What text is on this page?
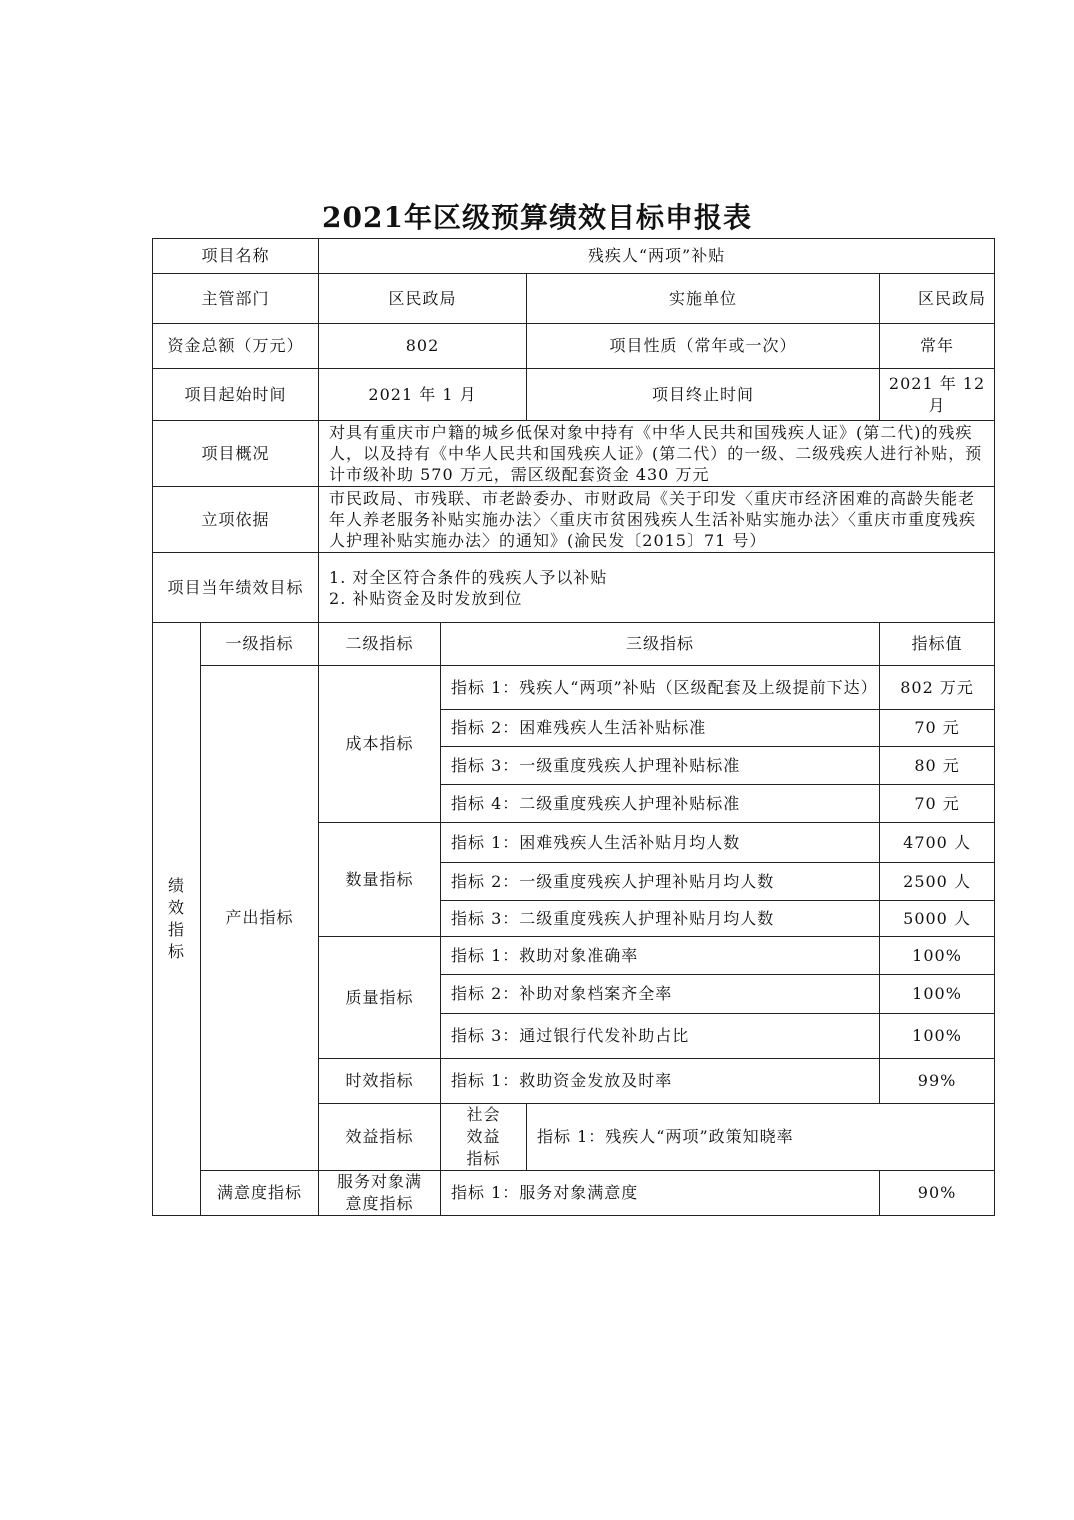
2021年区级预算绩效目标申报表
项目名称		残疾人“两项”补贴				
主管部门		区民政局		实施单位	区民政局	
资金总额（万元）		802		项目性质（常年或一次）	常年	
项目起始时间		2021 年 1 月		项目终止时间	2021 年 12 月	
项目概况		对具有重庆市户籍的城乡低保对象中持有《中华人民共和国残疾人证》(第二代)的残疾人，以及持有《中华人民共和国残疾人证》(第二代）的一级、二级残疾人进行补贴，预计市级补助 570 万元，需区级配套资金 430 万元				
立项依据		市民政局、市残联、市老龄委办、市财政局《关于印发〈重庆市经济困难的高龄失能老年人养老服务补贴实施办法〉〈重庆市贫困残疾人生活补贴实施办法〉〈重庆市重度残疾人护理补贴实施办法〉的通知》(渝民发〔2015〕71 号）				
项目当年绩效目标		1. 对全区符合条件的残疾人予以补贴
2. 补贴资金及时发放到位				

绩
效
指
标	一级指标	二级指标	三级指标		指标值	
	产出指标	成本指标	指标 1：残疾人“两项”补贴（区级配套及上级提前下达）		802 万元	
			指标 2：困难残疾人生活补贴标准		70 元	
			指标 3：一级重度残疾人护理补贴标准		80 元	
			指标 4：二级重度残疾人护理补贴标准		70 元	
		数量指标	指标 1：困难残疾人生活补贴月均人数		4700 人	
			指标 2：一级重度残疾人护理补贴月均人数		2500 人	
			指标 3：二级重度残疾人护理补贴月均人数		5000 人	
		质量指标	指标 1：救助对象准确率		100%	
			指标 2：补助对象档案齐全率		100%	
			指标 3：通过银行代发补助占比		100%	
		时效指标	指标 1：救助资金发放及时率		99%	
		效益指标	社会效益指标	指标 1：残疾人“两项”政策知晓率	
	满意度指标	服务对象满意度指标	指标 1：服务对象满意度		90%	
